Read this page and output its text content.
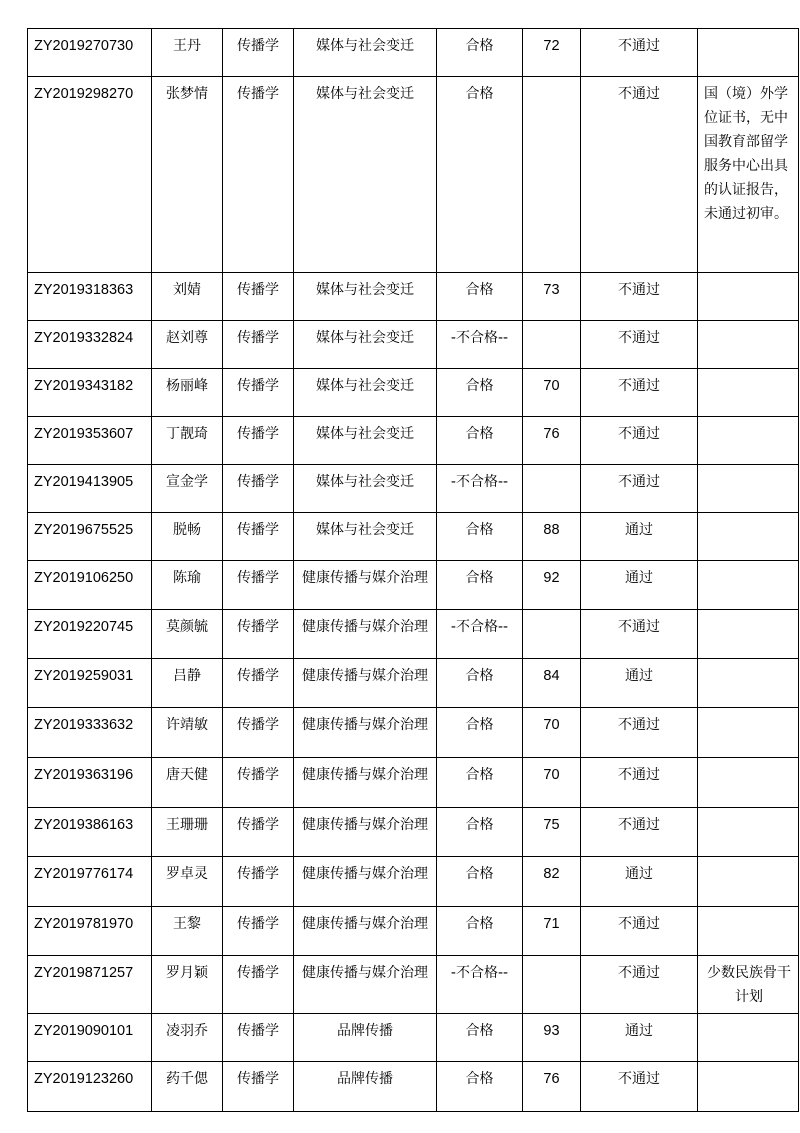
ZY2019270730	王丹	传播学	媒体与社会变迁	合格	72	不通过	
ZY2019298270	张梦情	传播学	媒体与社会变迁	合格		不通过	国（境）外学位证书，无中国教育部留学服务中心出具的认证报告，未通过初审。
ZY2019318363	刘婧	传播学	媒体与社会变迁	合格	73	不通过	
ZY2019332824	赵刘尊	传播学	媒体与社会变迁	-不合格--		不通过	
ZY2019343182	杨丽峰	传播学	媒体与社会变迁	合格	70	不通过	
ZY2019353607	丁靓琦	传播学	媒体与社会变迁	合格	76	不通过	
ZY2019413905	宣金学	传播学	媒体与社会变迁	-不合格--		不通过	
ZY2019675525	脱畅	传播学	媒体与社会变迁	合格	88	通过	
ZY2019106250	陈瑜	传播学	健康传播与媒介治理	合格	92	通过	
ZY2019220745	莫颜毓	传播学	健康传播与媒介治理	-不合格--		不通过	
ZY2019259031	吕静	传播学	健康传播与媒介治理	合格	84	通过	
ZY2019333632	许靖敏	传播学	健康传播与媒介治理	合格	70	不通过	
ZY2019363196	唐天健	传播学	健康传播与媒介治理	合格	70	不通过	
ZY2019386163	王珊珊	传播学	健康传播与媒介治理	合格	75	不通过	
ZY2019776174	罗卓灵	传播学	健康传播与媒介治理	合格	82	通过	
ZY2019781970	王黎	传播学	健康传播与媒介治理	合格	71	不通过	
ZY2019871257	罗月颖	传播学	健康传播与媒介治理	-不合格--		不通过	少数民族骨干计划
ZY2019090101	凌羽乔	传播学	品牌传播	合格	93	通过	
ZY2019123260	药千偲	传播学	品牌传播	合格	76	不通过	
